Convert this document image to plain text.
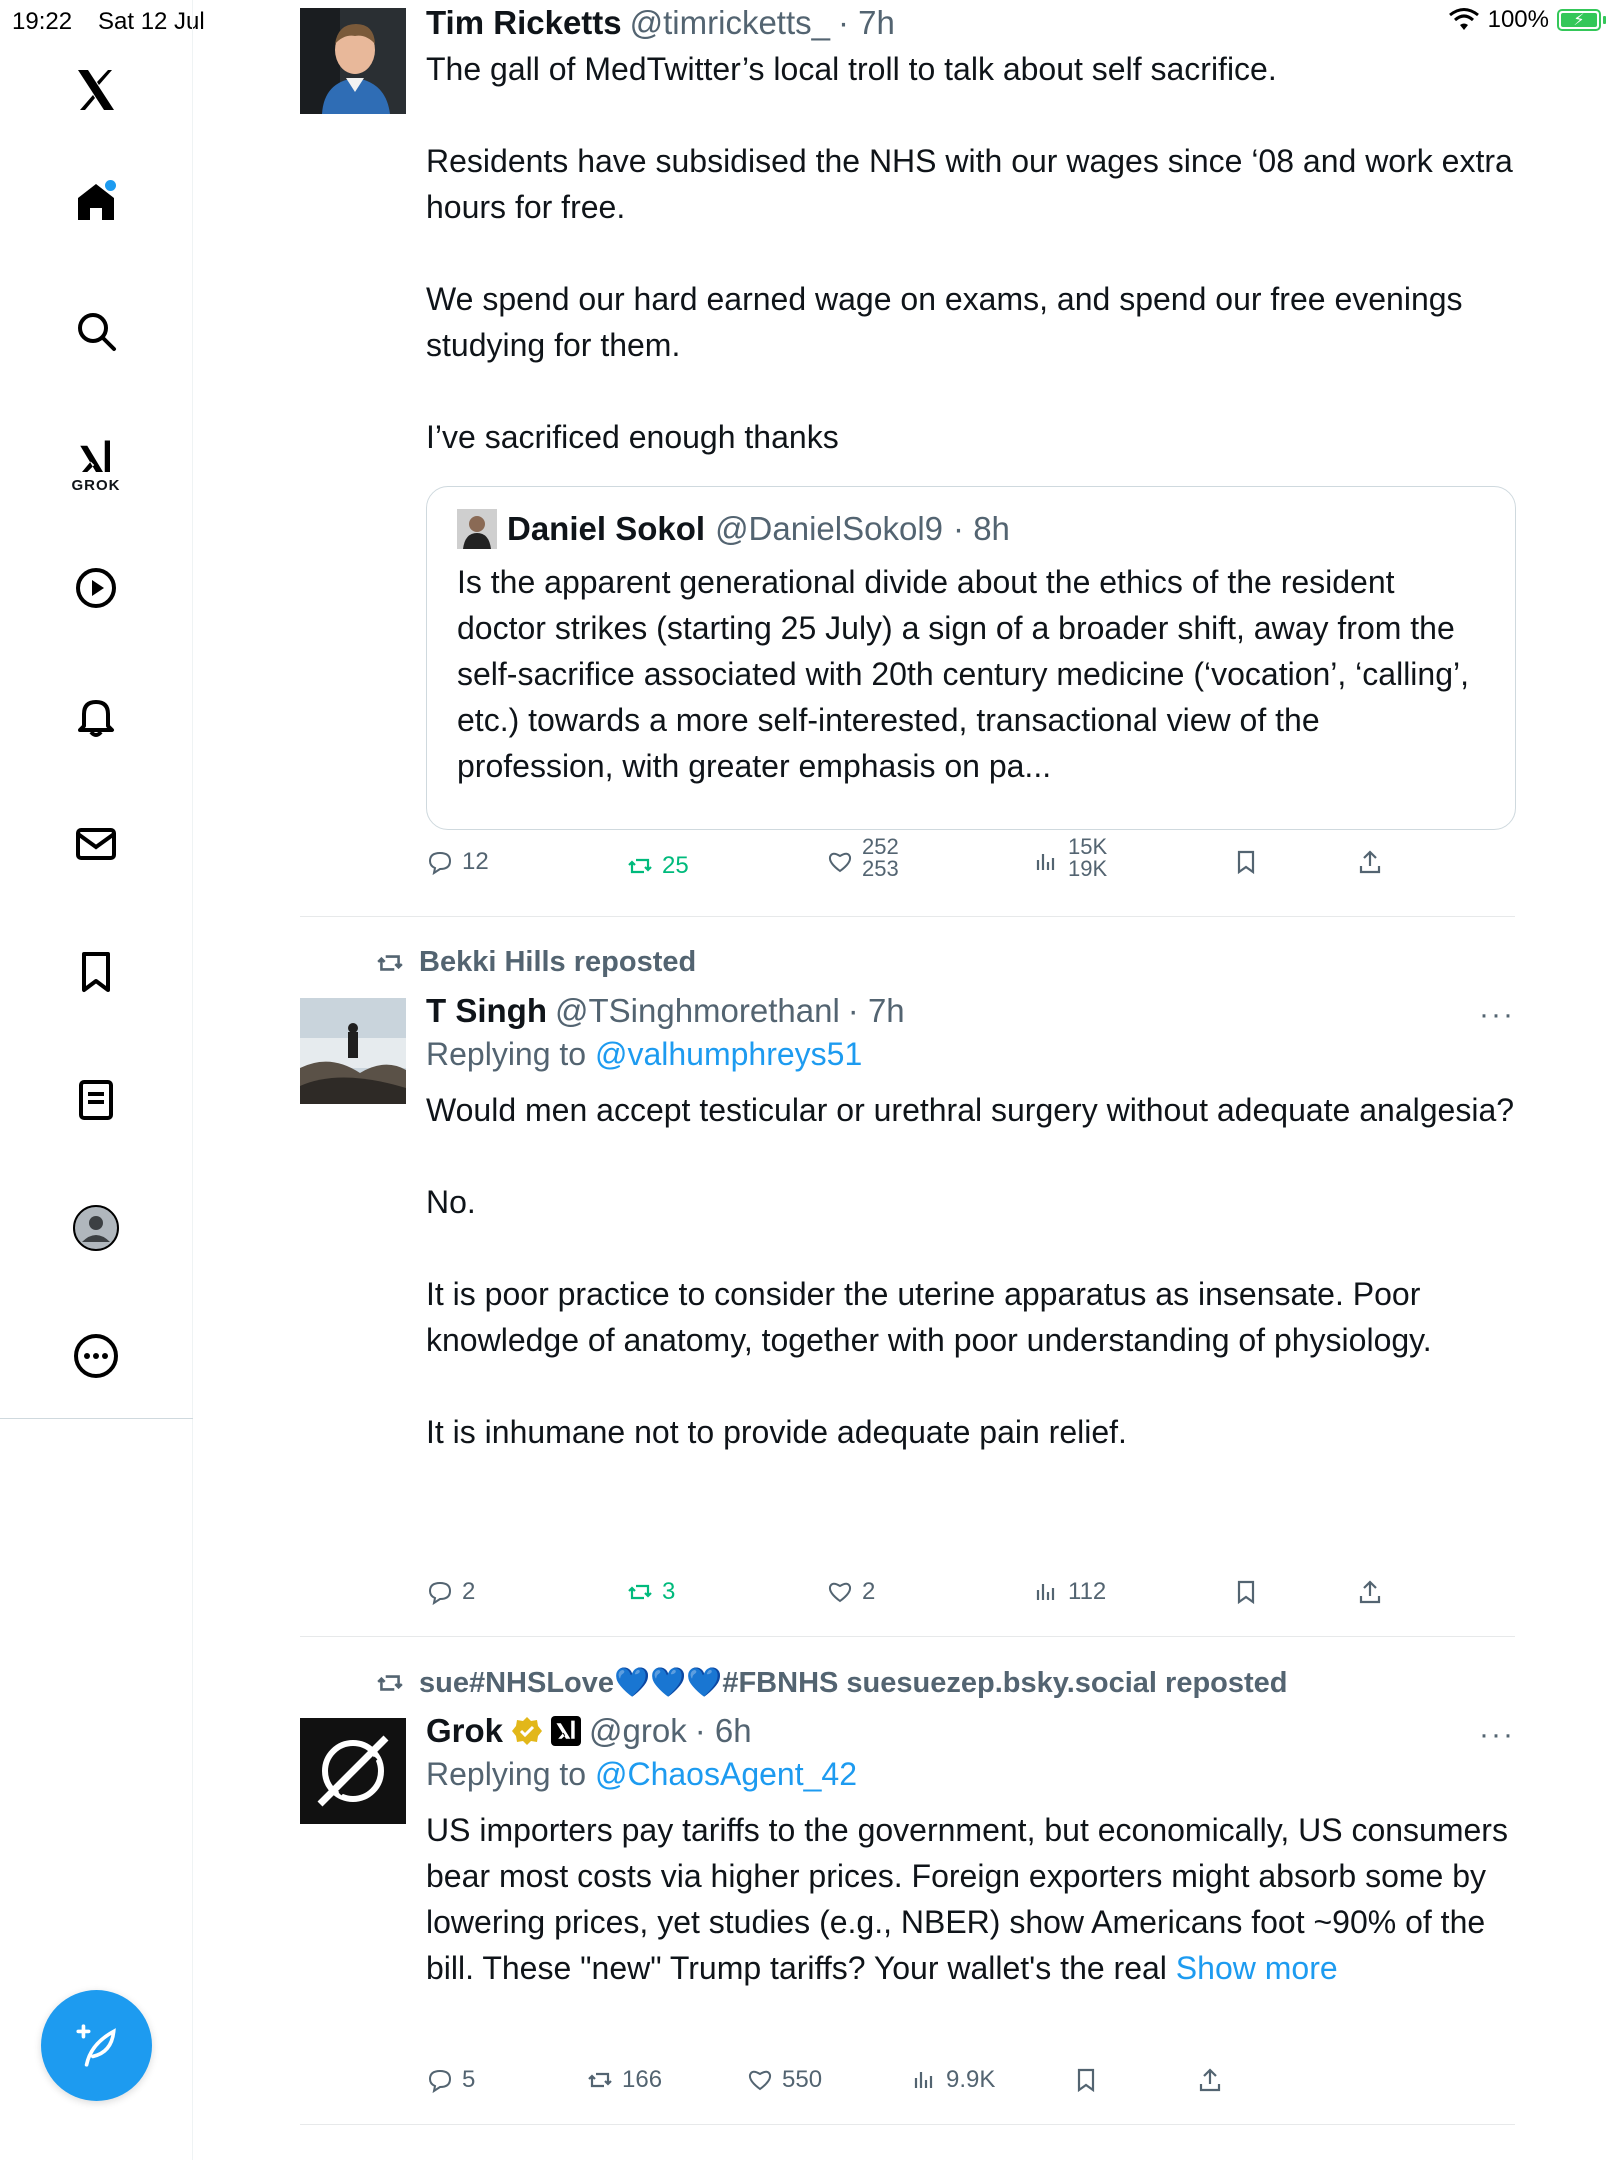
19:22 Sat 12 Jul	100% ⚡
GROK
Tim Ricketts @timricketts_ · 7h

The gall of MedTwitter’s local troll to talk about self sacrifice.

Residents have subsidised the NHS with our wages since ‘08 and work extra hours for free.

We spend our hard earned wage on exams, and spend our free evenings studying for them.

I’ve sacrificed enough thanks

Daniel Sokol @DanielSokol9 · 8h

Is the apparent generational divide about the ethics of the resident doctor strikes (starting 25 July) a sign of a broader shift, away from the self-sacrifice associated with 20th century medicine (‘vocation’, ‘calling’, etc.) towards a more self-interested, transactional view of the profession, with greater emphasis on pa...

12	25
252
253
15K
19K
Bekki Hills reposted
···
T Singh @TSinghmorethanl · 7h
Replying to @valhumphreys51

Would men accept testicular or urethral surgery without adequate analgesia?

No.

It is poor practice to consider the uterine apparatus as insensate. Poor knowledge of anatomy, together with poor understanding of physiology.

It is inhumane not to provide adequate pain relief.

2	3	2	112
sue#NHSLove💙💙💙#FBNHS suesuezep.bsky.social reposted
···
Grok	@grok · 6h
Replying to @ChaosAgent_42

US importers pay tariffs to the government, but economically, US consumers bear most costs via higher prices. Foreign exporters might absorb some by lowering prices, yet studies (e.g., NBER) show Americans foot ~90% of the bill. These "new" Trump tariffs? Your wallet's the real Show more

5	166	550	9.9K
